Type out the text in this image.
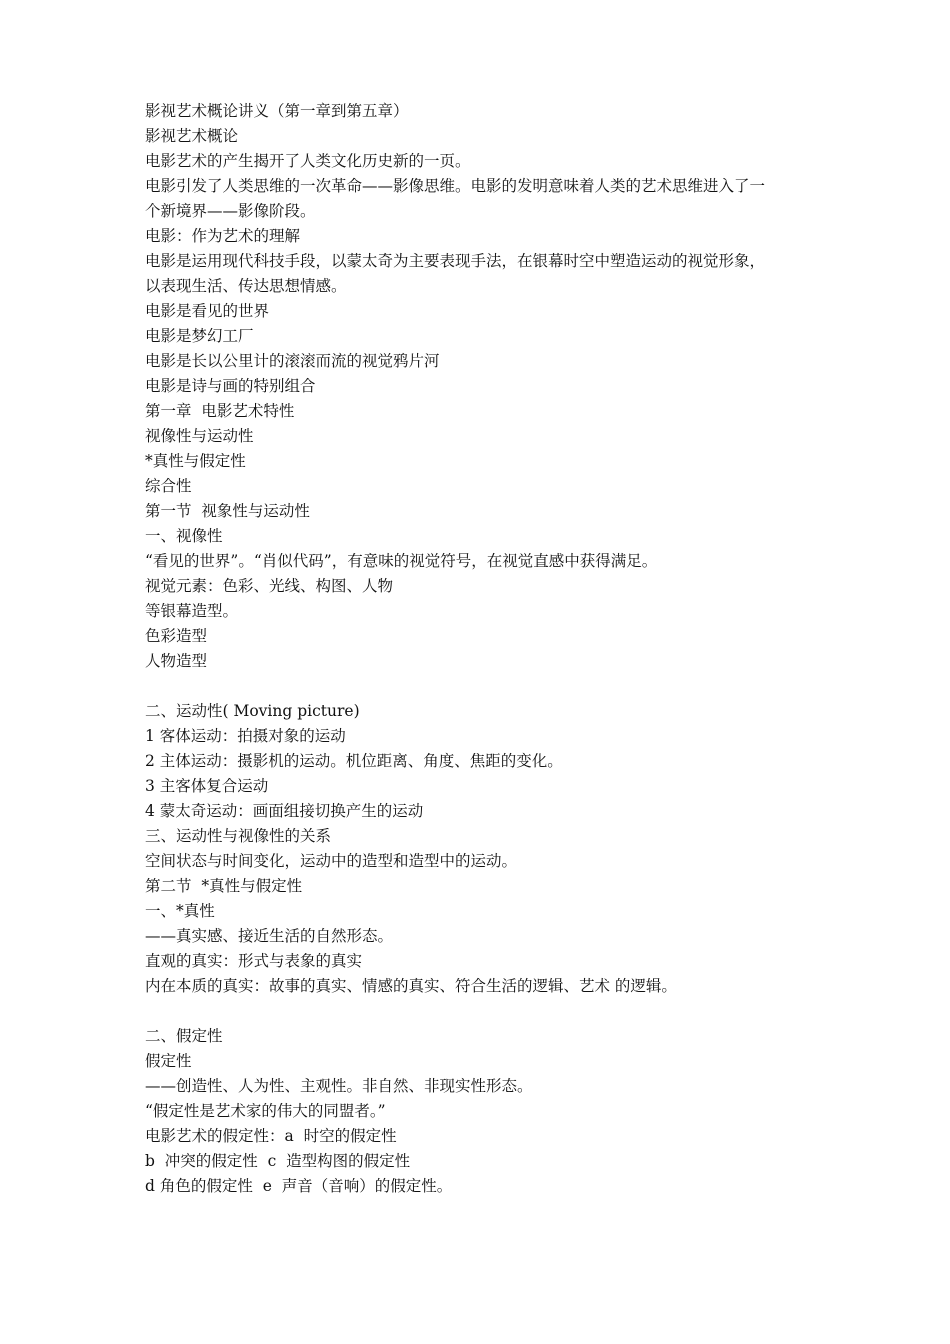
影视艺术概论讲义（第一章到第五章）
影视艺术概论
电影艺术的产生揭开了人类文化历史新的一页。
电影引发了人类思维的一次革命——影像思维。电影的发明意味着人类的艺术思维进入了一
个新境界——影像阶段。
电影：作为艺术的理解
电影是运用现代科技手段，以蒙太奇为主要表现手法，在银幕时空中塑造运动的视觉形象，
以表现生活、传达思想情感。
电影是看见的世界
电影是梦幻工厂
电影是长以公里计的滚滚而流的视觉鸦片河
电影是诗与画的特别组合
第一章  电影艺术特性
视像性与运动性
*真性与假定性
综合性
第一节  视象性与运动性
一、视像性
“看见的世界”。“肖似代码”，有意味的视觉符号，在视觉直感中获得满足。
视觉元素：色彩、光线、构图、人物
等银幕造型。
色彩造型
人物造型
二、运动性( Moving picture)
1 客体运动：拍摄对象的运动
2 主体运动：摄影机的运动。机位距离、角度、焦距的变化。
3 主客体复合运动
4 蒙太奇运动：画面组接切换产生的运动
三、运动性与视像性的关系
空间状态与时间变化，运动中的造型和造型中的运动。
第二节  *真性与假定性
一、*真性
——真实感、接近生活的自然形态。
直观的真实：形式与表象的真实
内在本质的真实：故事的真实、情感的真实、符合生活的逻辑、艺术 的逻辑。
二、假定性
假定性
——创造性、人为性、主观性。非自然、非现实性形态。
“假定性是艺术家的伟大的同盟者。”
电影艺术的假定性：a  时空的假定性
b  冲突的假定性  c  造型构图的假定性
d 角色的假定性  e  声音（音响）的假定性。
